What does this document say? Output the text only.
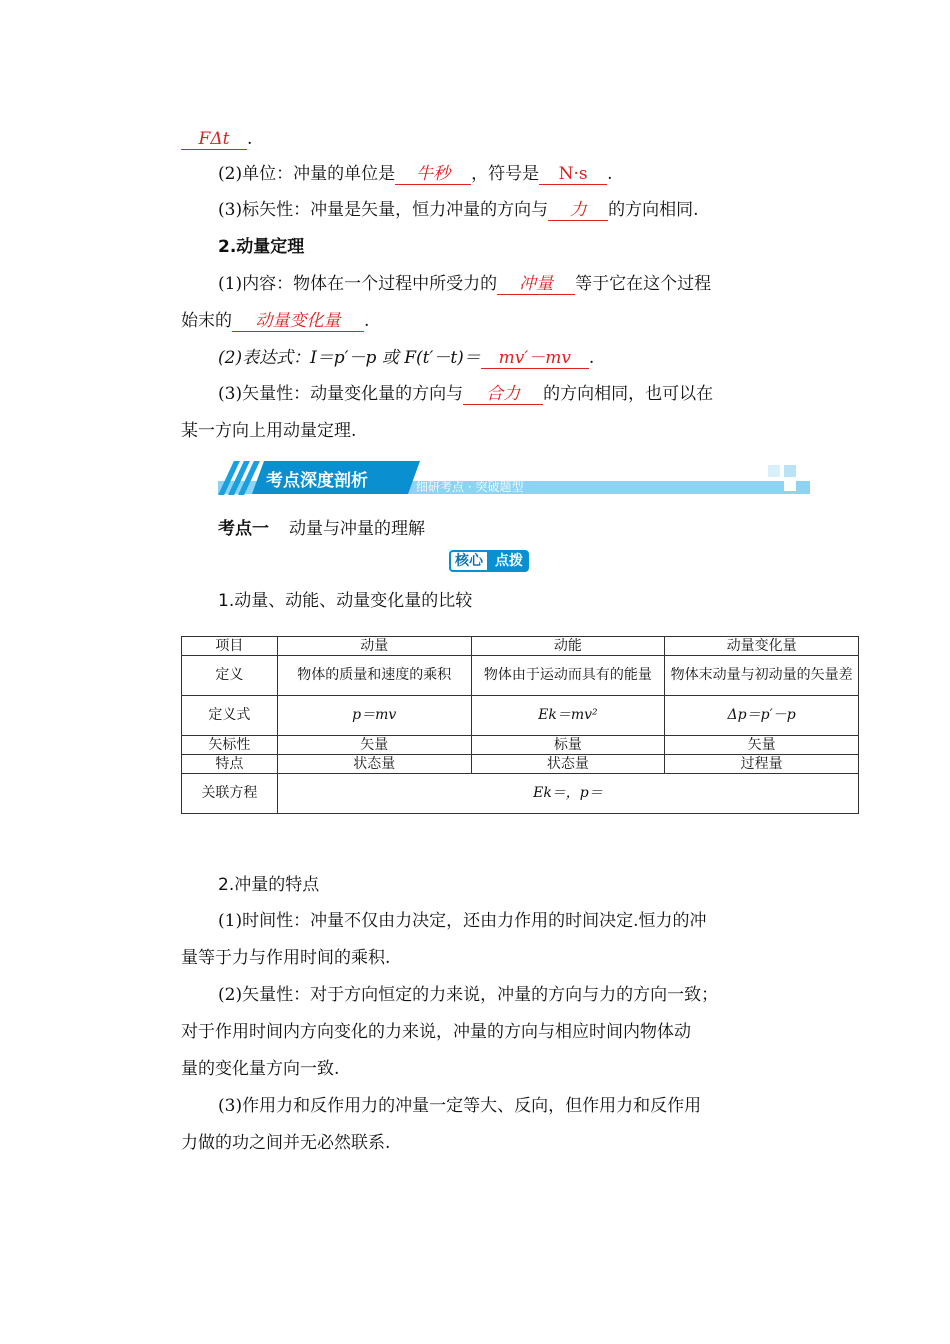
FΔt .
(2)单位：冲量的单位是 牛秒 ，符号是 N·s .
(3)标矢性：冲量是矢量，恒力冲量的方向与 力 的方向相同.
2.动量定理
(1)内容：物体在一个过程中所受力的 冲量 等于它在这个过程
始末的 动量变化量 .
(2)表达式：I＝p′－p 或 F(t′－t)＝ mv′－mv .
(3)矢量性：动量变化量的方向与 合力 的方向相同，也可以在
某一方向上用动量定理.
考点深度剖析	细研考点 · 突破题型
考点一 动量与冲量的理解
核心 点拨
1.动量、动能、动量变化量的比较
项目	动量	动能	动量变化量
定义	物体的质量和速度的乘积	物体由于运动而具有的能量	物体末动量与初动量的矢量差
定义式	p＝mv	Ek＝mv²	Δp＝p′－p
矢标性	矢量	标量	矢量
特点	状态量	状态量	过程量
关联方程	Ek＝，p＝		
2.冲量的特点
(1)时间性：冲量不仅由力决定，还由力作用的时间决定.恒力的冲
量等于力与作用时间的乘积.
(2)矢量性：对于方向恒定的力来说，冲量的方向与力的方向一致；
对于作用时间内方向变化的力来说，冲量的方向与相应时间内物体动
量的变化量方向一致.
(3)作用力和反作用力的冲量一定等大、反向，但作用力和反作用
力做的功之间并无必然联系.
